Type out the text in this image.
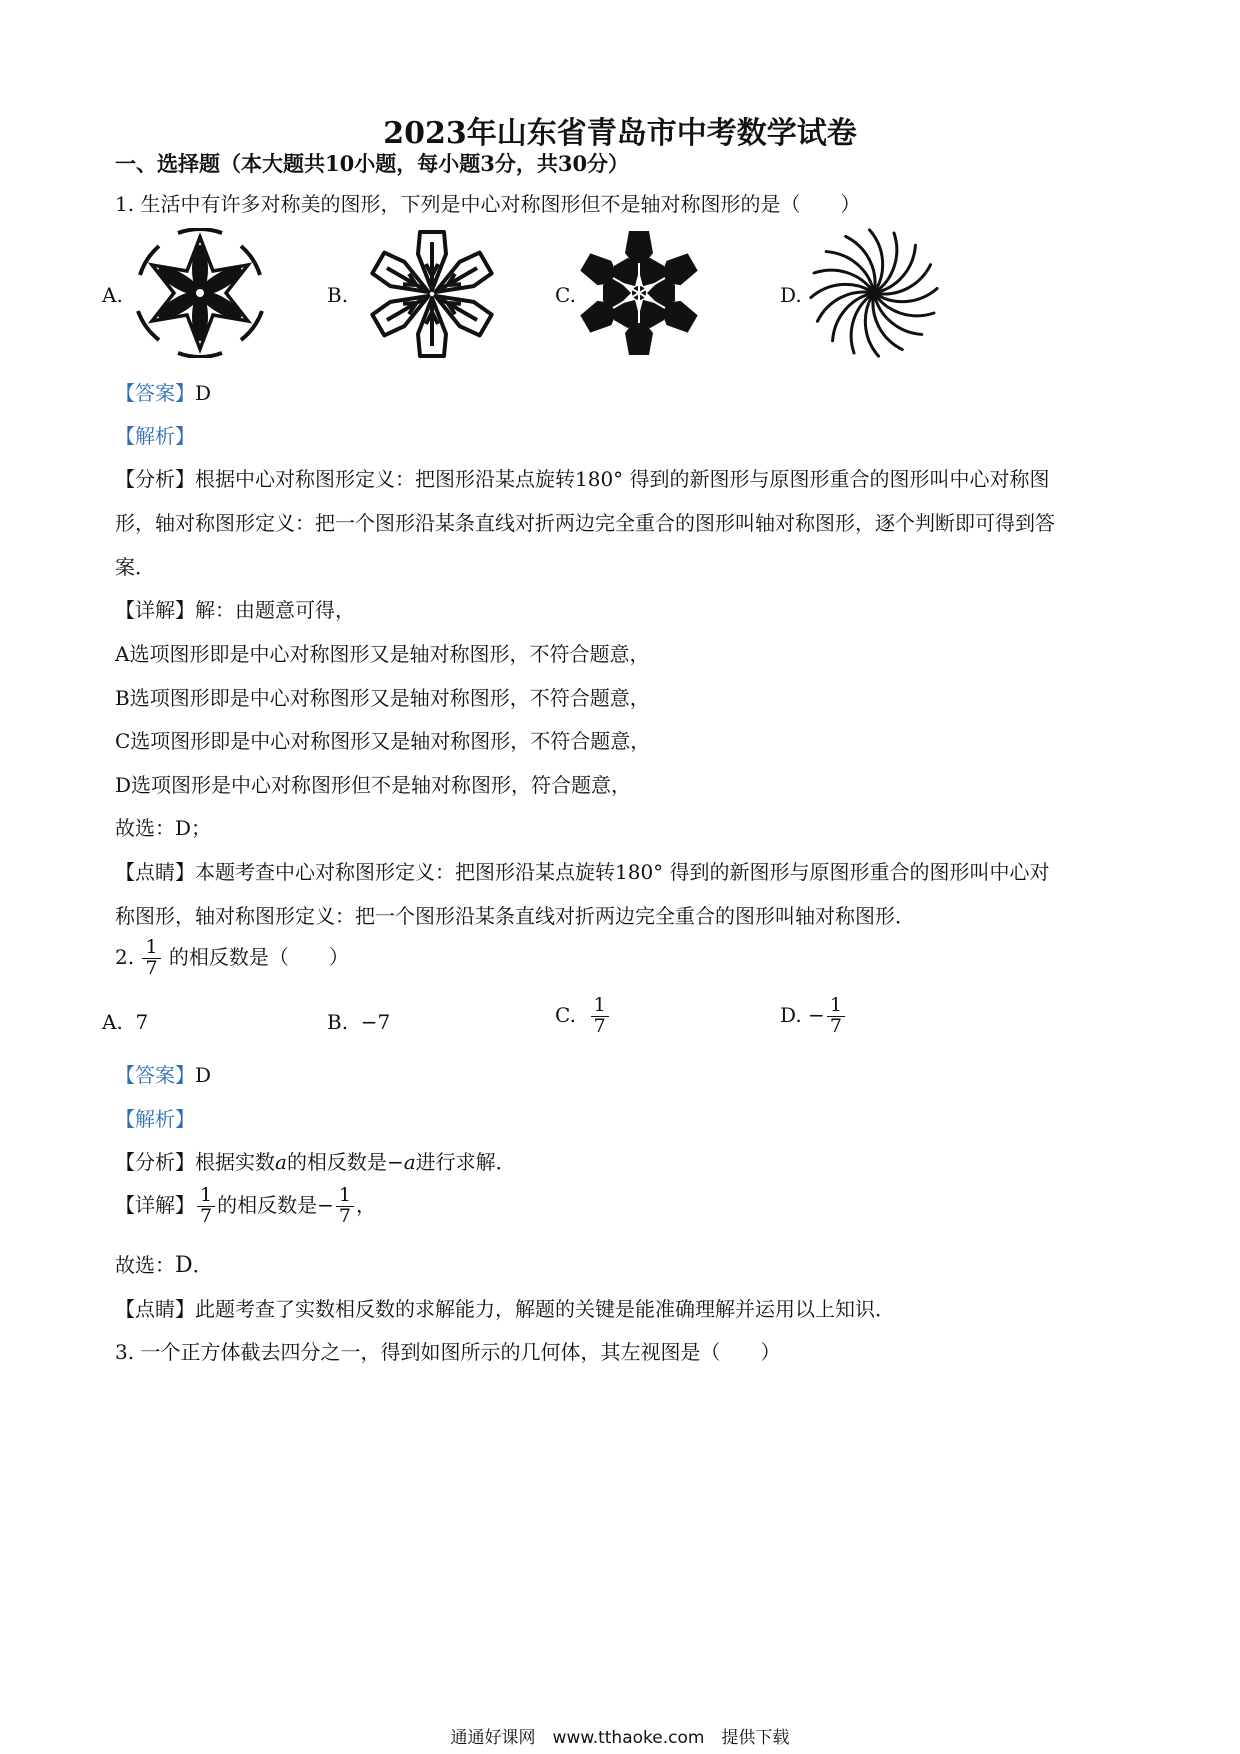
2023年山东省青岛市中考数学试卷
一、选择题（本大题共10小题，每小题3分，共30分）
1. 生活中有许多对称美的图形，下列是中心对称图形但不是轴对称图形的是（　　）
A.	B.	C.	D.
【答案】D
【解析】
【分析】根据中心对称图形定义：把图形沿某点旋转180° 得到的新图形与原图形重合的图形叫中心对称图
形，轴对称图形定义：把一个图形沿某条直线对折两边完全重合的图形叫轴对称图形，逐个判断即可得到答
案．
【详解】解：由题意可得，
A选项图形即是中心对称图形又是轴对称图形，不符合题意，
B选项图形即是中心对称图形又是轴对称图形，不符合题意，
C选项图形即是中心对称图形又是轴对称图形，不符合题意，
D选项图形是中心对称图形但不是轴对称图形，符合题意，
故选：D；
【点睛】本题考查中心对称图形定义：把图形沿某点旋转180° 得到的新图形与原图形重合的图形叫中心对
称图形，轴对称图形定义：把一个图形沿某条直线对折两边完全重合的图形叫轴对称图形．
2. $\frac{1}{7}$ 的相反数是（　　）
A. 7	B. −7	C. $\frac{1}{7}$	D. − $\frac{1}{7}$
【答案】D
【解析】
【分析】根据实数a的相反数是−a进行求解．
【详解】 $\frac{1}{7}$ 的相反数是− $\frac{1}{7}$ ，
故选：D．
【点睛】此题考查了实数相反数的求解能力，解题的关键是能准确理解并运用以上知识．
3. 一个正方体截去四分之一，得到如图所示的几何体，其左视图是（　　）
通通好课网　www.tthaoke.com　提供下载
